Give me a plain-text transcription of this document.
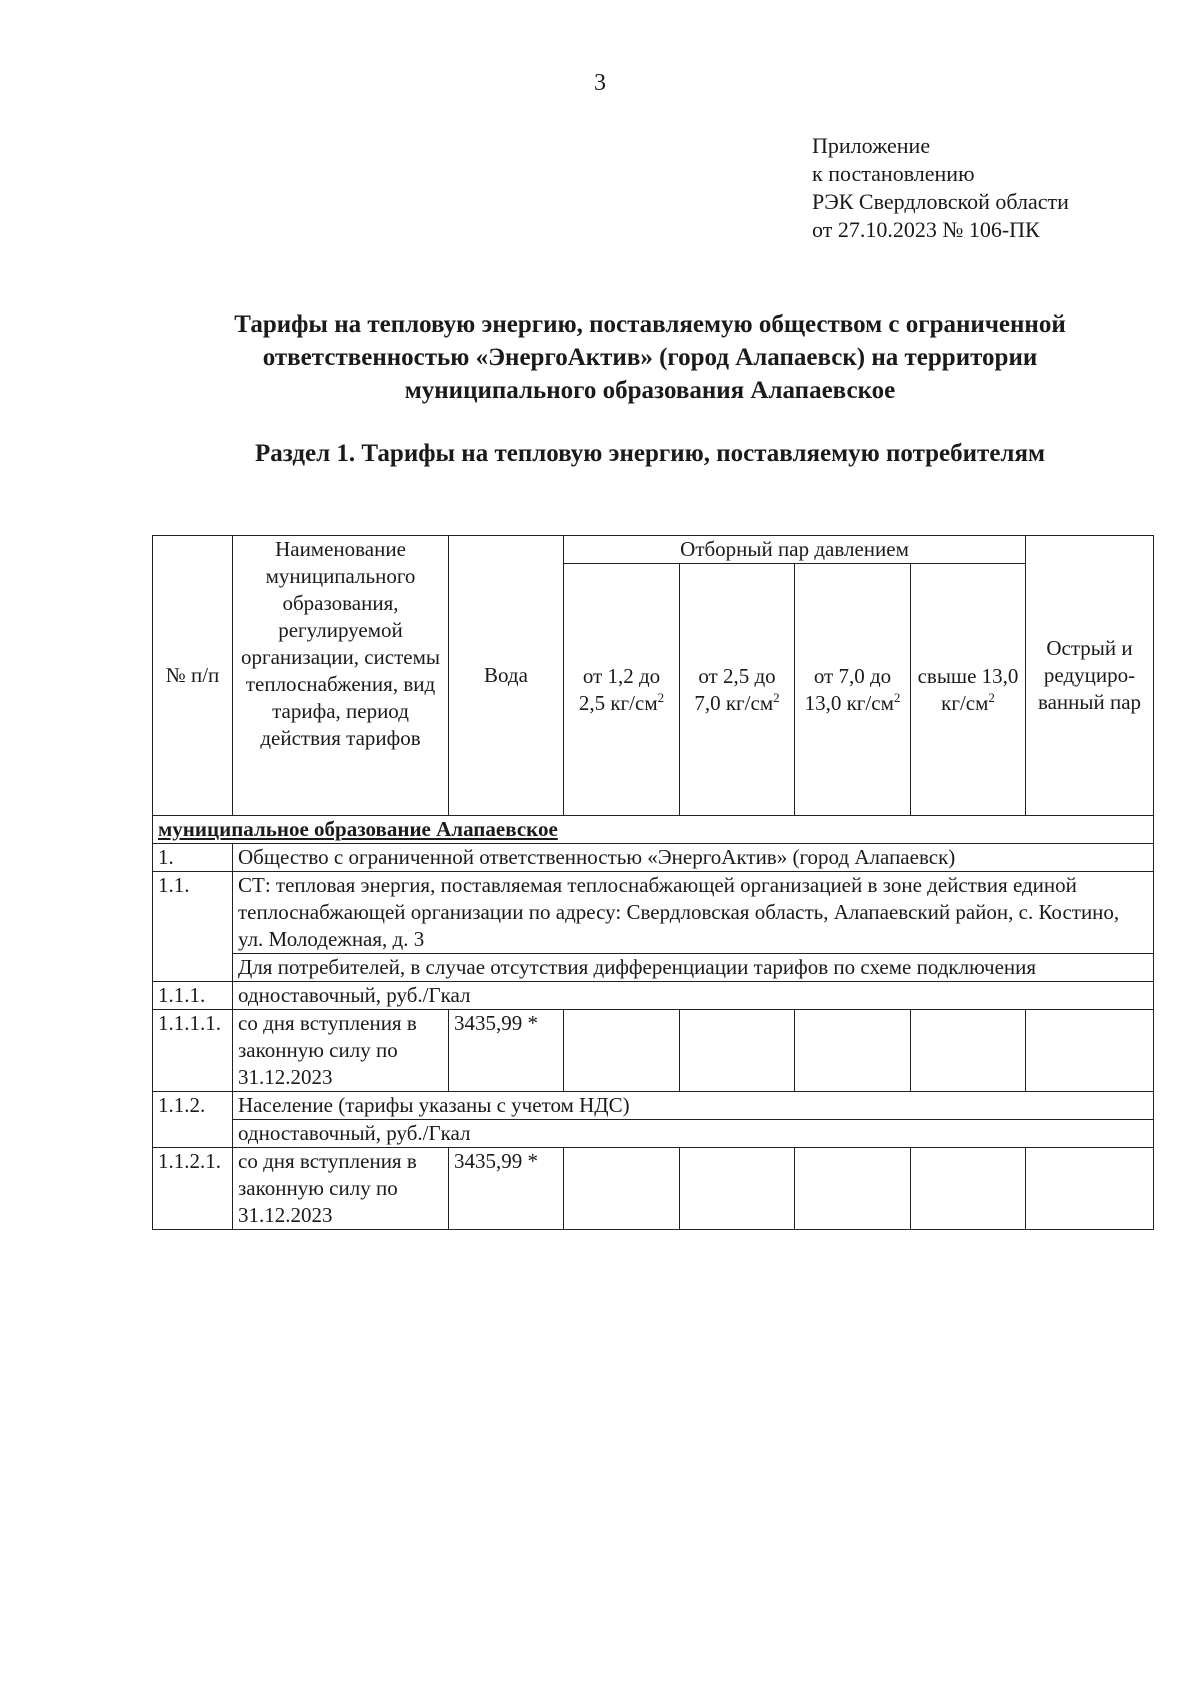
3
Приложение
к постановлению
РЭК Свердловской области
от 27.10.2023 № 106-ПК
Тарифы на тепловую энергию, поставляемую обществом с ограниченной
ответственностью «ЭнергоАктив» (город Алапаевск) на территории
муниципального образования Алапаевское
Раздел 1. Тарифы на тепловую энергию, поставляемую потребителям
№ п/п	Наименование муниципального образования, регулируемой организации, системы теплоснабжения, вид тарифа, период действия тарифов	Вода	Отборный пар давлением				Острый и редуциро-ванный пар
			от 1,2 до 2,5 $кг/см^2$	от 2,5 до 7,0 $кг/см^2$	от 7,0 до 13,0 $кг/см^2$	свыше 13,0 $кг/см^2$
муниципальное образование Алапаевское							
1.	Общество с ограниченной ответственностью «ЭнергоАктив» (город Алапаевск)						
1.1.	СТ: тепловая энергия, поставляемая теплоснабжающей организацией в зоне действия единой теплоснабжающей организации по адресу: Свердловская область, Алапаевский район, с. Костино, ул. Молодежная, д. 3						
	Для потребителей, в случае отсутствия дифференциации тарифов по схеме подключения						
1.1.1.	одноставочный, руб./Гкал						
1.1.1.1.	со дня вступления в законную силу по 31.12.2023	3435,99 *					
1.1.2.	Население (тарифы указаны с учетом НДС)						
	одноставочный, руб./Гкал						
1.1.2.1.	со дня вступления в законную силу по 31.12.2023	3435,99 *					
